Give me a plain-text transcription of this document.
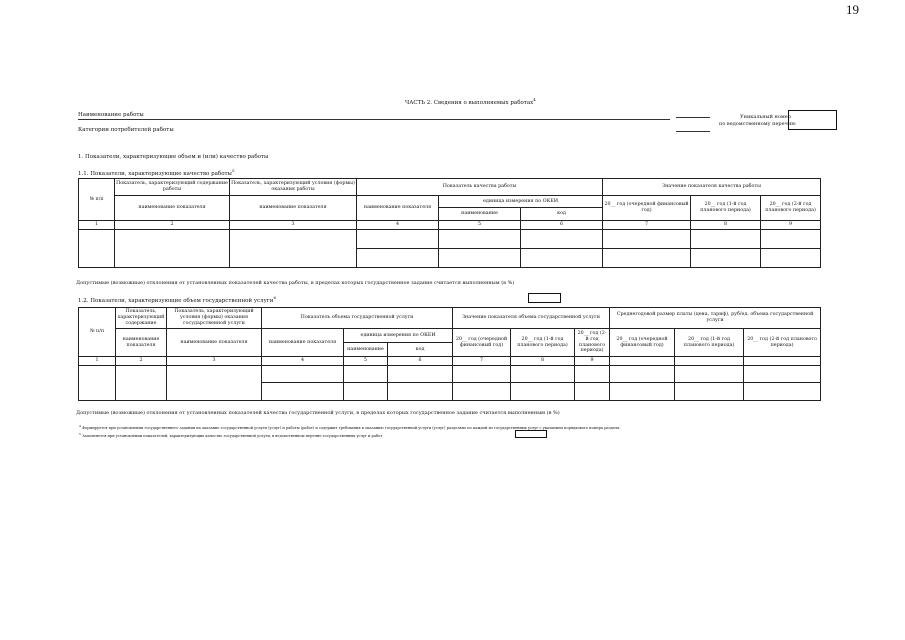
19
ЧАСТЬ 2. Сведения о выполняемых работах$^4$
Наименование работы
Категории потребителей работы
Уникальный номер
по ведомственному перечню
1. Показатели, характеризующие объем и (или) качество работы
1.1. Показатели, характеризующие качество работы$^5$
№ п/п	Показатель, характеризующий содержание работы	Показатель, характеризующий условия (формы) оказания работы	Показатель качества работы			Значение показателя качества работы		
	наименование показателя	наименование показателя	наименование показателя	единица измерения по ОКЕИ		20__ год (очередной финансовый год)	20__ год (1-й год планового периода)	20__ год (2-й год планового периода)
				наименование	код			
1	2	3	4	5	6	7	8	9

Допустимые (возможные) отклонения от установленных показателей качества работы, в пределах которых государственное задание считается выполненным (в %)
1.2. Показатели, характеризующие объем государственной услуги$^6$
№ п/п	Показатель, характеризующий содержание	Показатель, характеризующий условия (формы) оказания государственной услуги	Показатель объема государственной услуги			Значение показателя объема государственной услуги			Среднегодовой размер платы (цена, тариф), руб/ед. объема государственной услуги		
	наименование показателя	наименование показателя	наименование показателя	единица измерения по ОКЕИ		20__ год (очередной финансовый год)	20__ год (1-й год планового периода)	20__ год (2-й год планового периода)	20__ год (очередной финансовый год)	20__ год (1-й год планового периода)	20__ год (2-й год планового периода)
				наименование	код						
1	2	3	4	5	6	7	8	9			

Допустимые (возможные) отклонения от установленных показателей качества государственной услуги, в пределах которых государственное задание считается выполненным (в %)
$^4$ Формируется при установлении государственного задания на оказание государственной услуги (услуг) и работы (работ) и содержит требования к оказанию государственной услуги (услуг) раздельно по каждой из государственных услуг с указанием порядкового номера раздела.
$^5$ Заполняется при установлении показателей, характеризующих качество государственной услуги, в ведомственном перечне государственных услуг и работ.
